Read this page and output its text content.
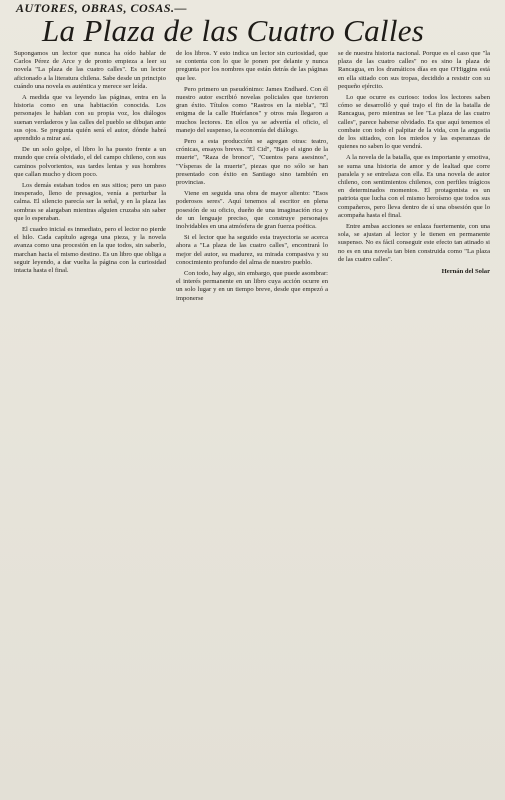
AUTORES, OBRAS, COSAS.—
La Plaza de las Cuatro Calles

Supongamos un lector que nunca ha oído hablar de Carlos Pérez de Arce y de pronto empieza a leer su novela "La plaza de las cuatro calles". Es un lector aficionado a la literatura chilena. Sabe desde un principio cuándo una novela es auténtica y merece ser leída.

A medida que va leyendo las páginas, entra en la historia como en una habitación conocida. Los personajes le hablan con su propia voz, los diálogos suenan verdaderos y las calles del pueblo se dibujan ante sus ojos. Se pregunta quién será el autor, dónde habrá aprendido a mirar así.

De un solo golpe, el libro lo ha puesto frente a un mundo que creía olvidado, el del campo chileno, con sus caminos polvorientos, sus tardes lentas y sus hombres que callan mucho y dicen poco.

Los demás estaban todos en sus sitios; pero un paso inesperado, lleno de presagios, venía a perturbar la calma. El silencio parecía ser la señal, y en la plaza las sombras se alargaban mientras alguien cruzaba sin saber que lo esperaban.

El cuadro inicial es inmediato, pero el lector no pierde el hilo. Cada capítulo agrega una pieza, y la novela avanza como una procesión en la que todos, sin saberlo, marchan hacia el mismo destino. Es un libro que obliga a seguir leyendo, a dar vuelta la página con la curiosidad intacta hasta el final.

de los libros. Y esto indica un lector sin curiosidad, que se contenta con lo que le ponen por delante y nunca pregunta por los nombres que están detrás de las páginas que lee.

Pero primero un pseudónimo: James Endhard. Con él nuestro autor escribió novelas policiales que tuvieron gran éxito. Títulos como "Rastros en la niebla", "El enigma de la calle Huérfanos" y otros más llegaron a muchos lectores. En ellos ya se advertía el oficio, el manejo del suspenso, la economía del diálogo.

Pero a esta producción se agregan otras: teatro, crónicas, ensayos breves. "El Cid", "Bajo el signo de la muerte", "Raza de bronce", "Cuentos para asesinos", "Vísperas de la muerte", piezas que no sólo se han presentado con éxito en Santiago sino también en provincias.

Viene en seguida una obra de mayor aliento: "Esos poderosos seres". Aquí tenemos al escritor en plena posesión de su oficio, dueño de una imaginación rica y de un lenguaje preciso, que construye personajes inolvidables en una atmósfera de gran fuerza poética.

Si el lector que ha seguido esta trayectoria se acerca ahora a "La plaza de las cuatro calles", encontrará lo mejor del autor, su madurez, su mirada compasiva y su conocimiento profundo del alma de nuestro pueblo.

Con todo, hay algo, sin embargo, que puede asombrar: el interés permanente en un libro cuya acción ocurre en un solo lugar y en un tiempo breve, desde que empezó a imponerse

se de nuestra historia nacional. Porque es el caso que "la plaza de las cuatro calles" no es sino la plaza de Rancagua, en los dramáticos días en que O'Higgins está en ella sitiado con sus tropas, decidido a resistir con su pequeño ejército.

Lo que ocurre es curioso: todos los lectores saben cómo se desarrolló y qué trajo el fin de la batalla de Rancagua, pero mientras se lee "La plaza de las cuatro calles", parece haberse olvidado. Es que aquí tenemos el combate con todo el palpitar de la vida, con la angustia de los sitiados, con los miedos y las esperanzas de quienes no saben lo que vendrá.

A la novela de la batalla, que es importante y emotiva, se suma una historia de amor y de lealtad que corre paralela y se entrelaza con ella. Es una novela de autor chileno, con sentimientos chilenos, con perfiles trágicos en determinados momentos. El protagonista es un patriota que lucha con el mismo heroísmo que todos sus compañeros, pero lleva dentro de sí una obsesión que lo acompaña hasta el final.

Entre ambas acciones se enlaza fuertemente, con una sola, se ajustan al lector y le tienen en permanente suspenso. No es fácil conseguir este efecto tan atinado si no es en una novela tan bien construida como "La plaza de las cuatro calles".

Hernán del Solar
